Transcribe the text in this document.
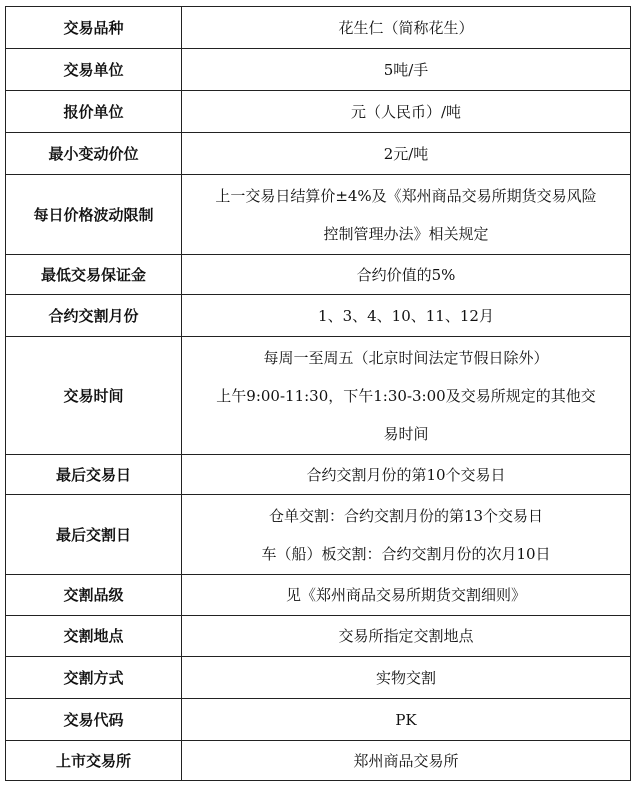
交易品种	花生仁（简称花生）

交易单位	5吨/手

报价单位	元（人民币）/吨

最小变动价位	2元/吨

每日价格波动限制	上一交易日结算价±4%及《郑州商品交易所期货交易风险
控制管理办法》相关规定

最低交易保证金	合约价值的5%

合约交割月份	1、3、4、10、11、12月

交易时间	每周一至周五（北京时间法定节假日除外）
上午9:00-11:30，下午1:30-3:00及交易所规定的其他交
易时间

最后交易日	合约交割月份的第10个交易日

最后交割日	仓单交割：合约交割月份的第13个交易日
车（船）板交割：合约交割月份的次月10日

交割品级	见《郑州商品交易所期货交割细则》

交割地点	交易所指定交割地点

交割方式	实物交割

交易代码	PK

上市交易所	郑州商品交易所
